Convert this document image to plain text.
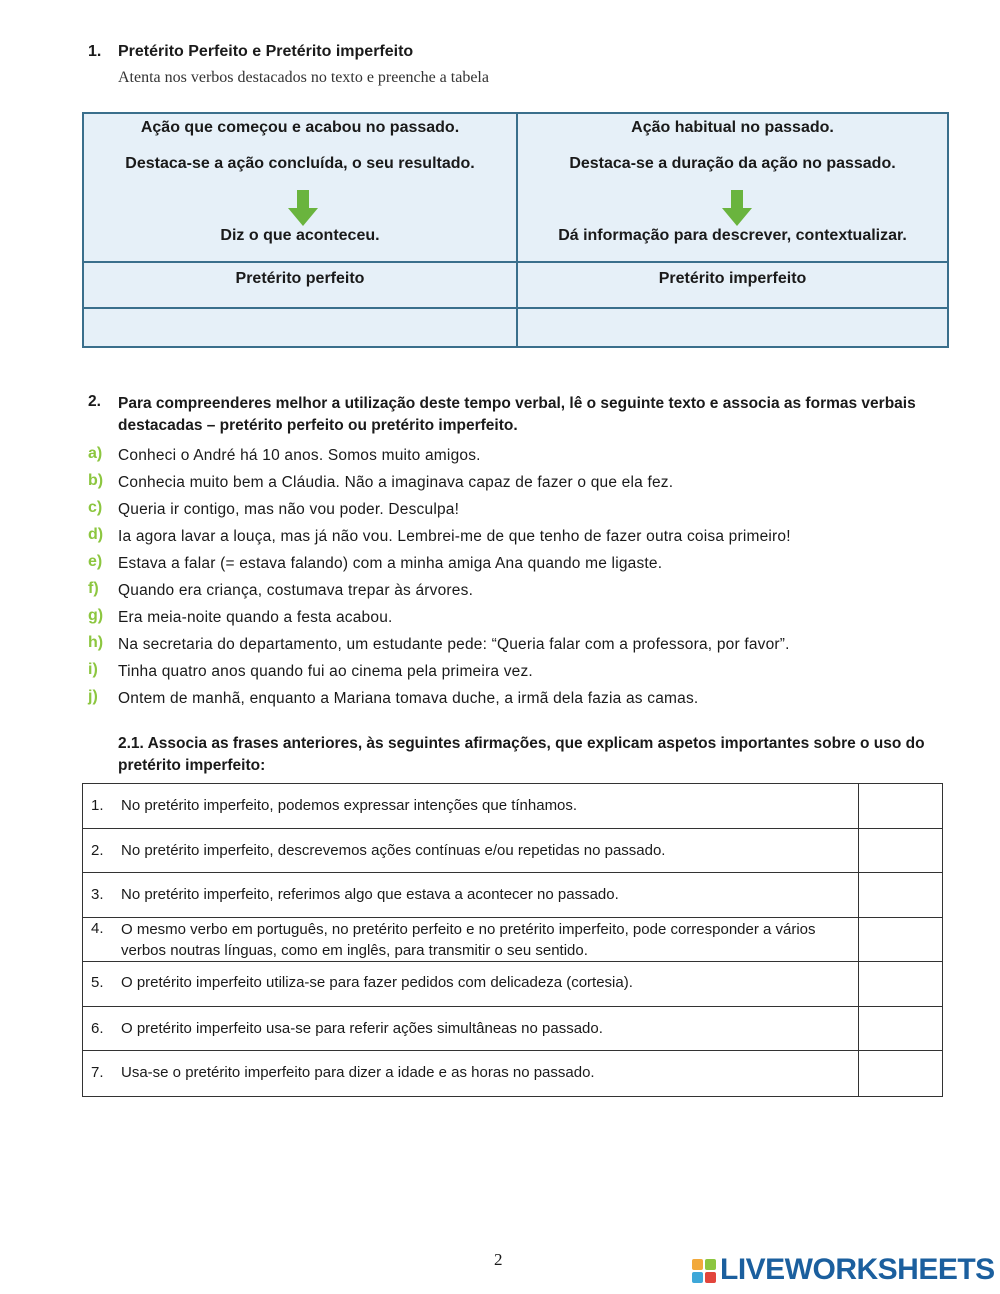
1. Pretérito Perfeito e Pretérito imperfeito
Atenta nos verbos destacados no texto e preenche a tabela
Ação que começou e acabou no passado.
Destaca-se a ação concluída, o seu resultado.
Diz o que aconteceu.
Pretérito perfeito
Ação habitual no passado.
Destaca-se a duração da ação no passado.
Dá informação para descrever, contextualizar.
Pretérito imperfeito
2. Para compreenderes melhor a utilização deste tempo verbal, lê o seguinte texto e associa as formas verbais destacadas – pretérito perfeito ou pretérito imperfeito.
a) Conheci o André há 10 anos. Somos muito amigos.
b) Conhecia muito bem a Cláudia. Não a imaginava capaz de fazer o que ela fez.
c) Queria ir contigo, mas não vou poder. Desculpa!
d) Ia agora lavar a louça, mas já não vou. Lembrei-me de que tenho de fazer outra coisa primeiro!
e) Estava a falar (= estava falando) com a minha amiga Ana quando me ligaste.
f) Quando era criança, costumava trepar às árvores.
g) Era meia-noite quando a festa acabou.
h) Na secretaria do departamento, um estudante pede: “Queria falar com a professora, por favor”.
i) Tinha quatro anos quando fui ao cinema pela primeira vez.
j) Ontem de manhã, enquanto a Mariana tomava duche, a irmã dela fazia as camas.
2.1. Associa as frases anteriores, às seguintes afirmações, que explicam aspetos importantes sobre o uso do pretérito imperfeito:
1. No pretérito imperfeito, podemos expressar intenções que tínhamos.
2. No pretérito imperfeito, descrevemos ações contínuas e/ou repetidas no passado.
3. No pretérito imperfeito, referimos algo que estava a acontecer no passado.
4. O mesmo verbo em português, no pretérito perfeito e no pretérito imperfeito, pode corresponder a vários verbos noutras línguas, como em inglês, para transmitir o seu sentido.
5. O pretérito imperfeito utiliza-se para fazer pedidos com delicadeza (cortesia).
6. O pretérito imperfeito usa-se para referir ações simultâneas no passado.
7. Usa-se o pretérito imperfeito para dizer a idade e as horas no passado.
2	LIVEWORKSHEETS
